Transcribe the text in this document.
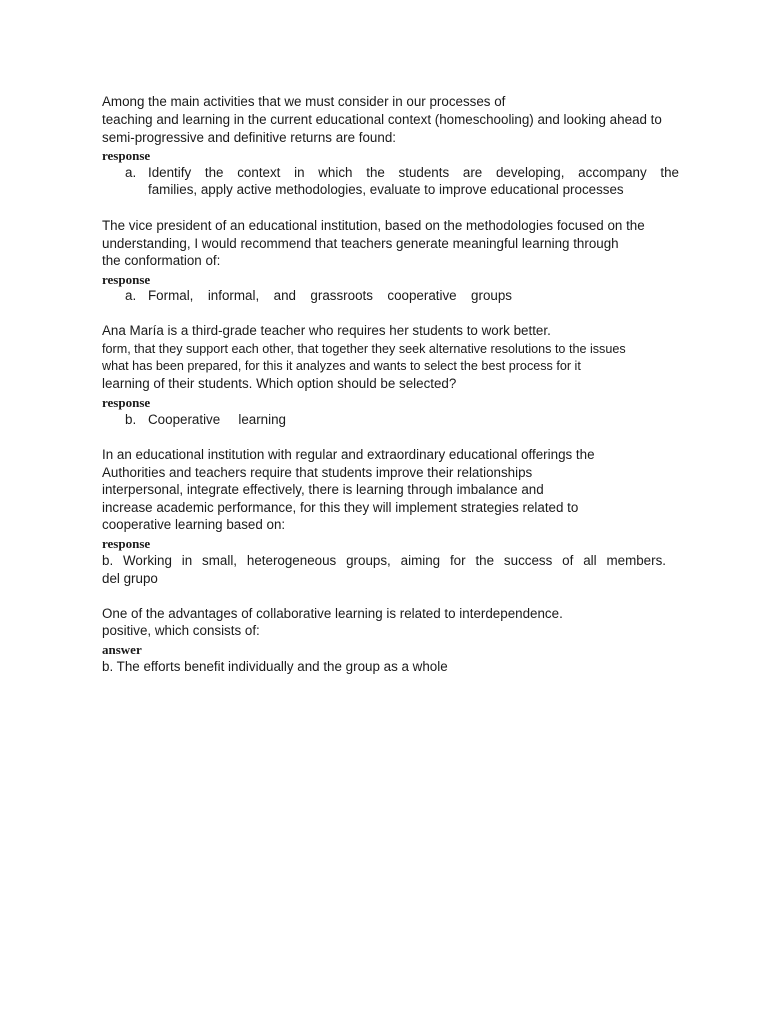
Among the main activities that we must consider in our processes of

teaching and learning in the current educational context (homeschooling) and looking ahead to

semi-progressive and definitive returns are found:

response

a. Identify the context in which the students are developing, accompany the

families, apply active methodologies, evaluate to improve educational processes

The vice president of an educational institution, based on the methodologies focused on the

understanding, I would recommend that teachers generate meaningful learning through

the conformation of:

response

a. Formal, informal, and grassroots cooperative groups

Ana María is a third-grade teacher who requires her students to work better.

form, that they support each other, that together they seek alternative resolutions to the issues

what has been prepared, for this it analyzes and wants to select the best process for it

learning of their students. Which option should be selected?

response

b. Cooperative learning

In an educational institution with regular and extraordinary educational offerings the

Authorities and teachers require that students improve their relationships

interpersonal, integrate effectively, there is learning through imbalance and

increase academic performance, for this they will implement strategies related to

cooperative learning based on:

response

b. Working in small, heterogeneous groups, aiming for the success of all members.

del grupo

One of the advantages of collaborative learning is related to interdependence.

positive, which consists of:

answer

b. The efforts benefit individually and the group as a whole
